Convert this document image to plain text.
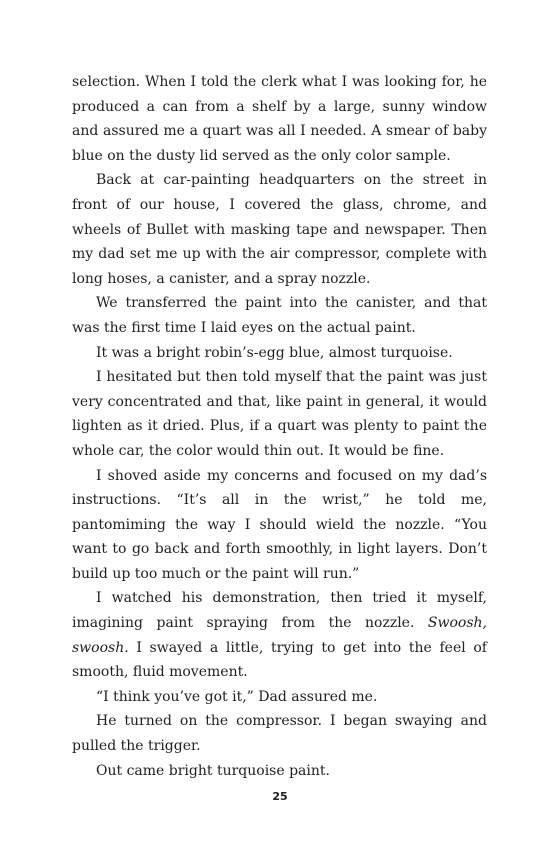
selection. When I told the clerk what I was looking for, he produced a can from a shelf by a large, sunny window and assured me a quart was all I needed. A smear of baby blue on the dusty lid served as the only color sample.

Back at car-painting headquarters on the street in front of our house, I covered the glass, chrome, and wheels of Bullet with masking tape and newspaper. Then my dad set me up with the air compressor, complete with long hoses, a canister, and a spray nozzle.

We transferred the paint into the canister, and that was the first time I laid eyes on the actual paint.

It was a bright robin’s-egg blue, almost turquoise.

I hesitated but then told myself that the paint was just very concentrated and that, like paint in general, it would lighten as it dried. Plus, if a quart was plenty to paint the whole car, the color would thin out. It would be fine.

I shoved aside my concerns and focused on my dad’s instructions. “It’s all in the wrist,” he told me, pantomiming the way I should wield the nozzle. “You want to go back and forth smoothly, in light layers. Don’t build up too much or the paint will run.”

I watched his demonstration, then tried it myself, imagining paint spraying from the nozzle. Swoosh, swoosh. I swayed a little, trying to get into the feel of smooth, fluid movement.

“I think you’ve got it,” Dad assured me.

He turned on the compressor. I began swaying and pulled the trigger.

Out came bright turquoise paint.

25
